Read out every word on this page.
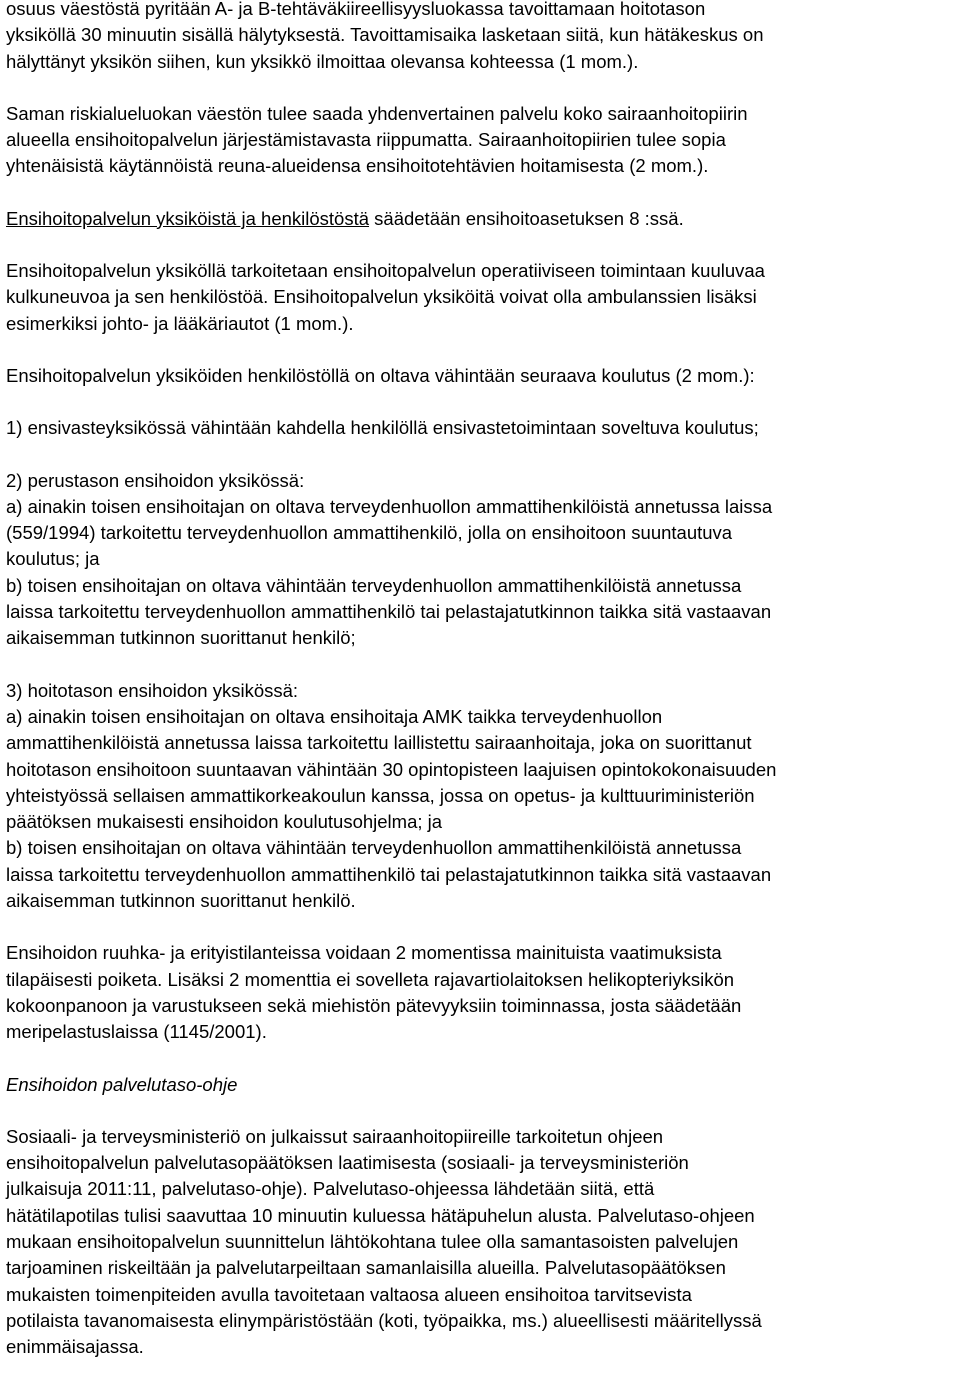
osuus väestöstä pyritään A- ja B-tehtäväkiireellisyysluokassa tavoittamaan hoitotason
yksiköllä 30 minuutin sisällä hälytyksestä. Tavoittamisaika lasketaan siitä, kun hätäkeskus on
hälyttänyt yksikön siihen, kun yksikkö ilmoittaa olevansa kohteessa (1 mom.).

Saman riskialueluokan väestön tulee saada yhdenvertainen palvelu koko sairaanhoitopiirin
alueella ensihoitopalvelun järjestämistavasta riippumatta. Sairaanhoitopiirien tulee sopia
yhtenäisistä käytännöistä reuna-alueidensa ensihoitotehtävien hoitamisesta (2 mom.).

Ensihoitopalvelun yksiköistä ja henkilöstöstä säädetään ensihoitoasetuksen 8 :ssä.

Ensihoitopalvelun yksiköllä tarkoitetaan ensihoitopalvelun operatiiviseen toimintaan kuuluvaa
kulkuneuvoa ja sen henkilöstöä. Ensihoitopalvelun yksiköitä voivat olla ambulanssien lisäksi
esimerkiksi johto- ja lääkäriautot (1 mom.).

Ensihoitopalvelun yksiköiden henkilöstöllä on oltava vähintään seuraava koulutus (2 mom.):

1) ensivasteyksikössä vähintään kahdella henkilöllä ensivastetoimintaan soveltuva koulutus;

2) perustason ensihoidon yksikössä:
a) ainakin toisen ensihoitajan on oltava terveydenhuollon ammattihenkilöistä annetussa laissa
(559/1994) tarkoitettu terveydenhuollon ammattihenkilö, jolla on ensihoitoon suuntautuva
koulutus; ja
b) toisen ensihoitajan on oltava vähintään terveydenhuollon ammattihenkilöistä annetussa
laissa tarkoitettu terveydenhuollon ammattihenkilö tai pelastajatutkinnon taikka sitä vastaavan
aikaisemman tutkinnon suorittanut henkilö;

3) hoitotason ensihoidon yksikössä:
a) ainakin toisen ensihoitajan on oltava ensihoitaja AMK taikka terveydenhuollon
ammattihenkilöistä annetussa laissa tarkoitettu laillistettu sairaanhoitaja, joka on suorittanut
hoitotason ensihoitoon suuntaavan vähintään 30 opintopisteen laajuisen opintokokonaisuuden
yhteistyössä sellaisen ammattikorkeakoulun kanssa, jossa on opetus- ja kulttuuriministeriön
päätöksen mukaisesti ensihoidon koulutusohjelma; ja
b) toisen ensihoitajan on oltava vähintään terveydenhuollon ammattihenkilöistä annetussa
laissa tarkoitettu terveydenhuollon ammattihenkilö tai pelastajatutkinnon taikka sitä vastaavan
aikaisemman tutkinnon suorittanut henkilö.

Ensihoidon ruuhka- ja erityistilanteissa voidaan 2 momentissa mainituista vaatimuksista
tilapäisesti poiketa. Lisäksi 2 momenttia ei sovelleta rajavartiolaitoksen helikopteriyksikön
kokoonpanoon ja varustukseen sekä miehistön pätevyyksiin toiminnassa, josta säädetään
meripelastuslaissa (1145/2001).

Ensihoidon palvelutaso-ohje

Sosiaali- ja terveysministeriö on julkaissut sairaanhoitopiireille tarkoitetun ohjeen
ensihoitopalvelun palvelutasopäätöksen laatimisesta (sosiaali- ja terveysministeriön
julkaisuja 2011:11, palvelutaso-ohje). Palvelutaso-ohjeessa lähdetään siitä, että
hätätilapotilas tulisi saavuttaa 10 minuutin kuluessa hätäpuhelun alusta. Palvelutaso-ohjeen
mukaan ensihoitopalvelun suunnittelun lähtökohtana tulee olla samantasoisten palvelujen
tarjoaminen riskeiltään ja palvelutarpeiltaan samanlaisilla alueilla. Palvelutasopäätöksen
mukaisten toimenpiteiden avulla tavoitetaan valtaosa alueen ensihoitoa tarvitsevista
potilaista tavanomaisesta elinympäristöstään (koti, työpaikka, ms.) alueellisesti määritellyssä
enimmäisajassa.
